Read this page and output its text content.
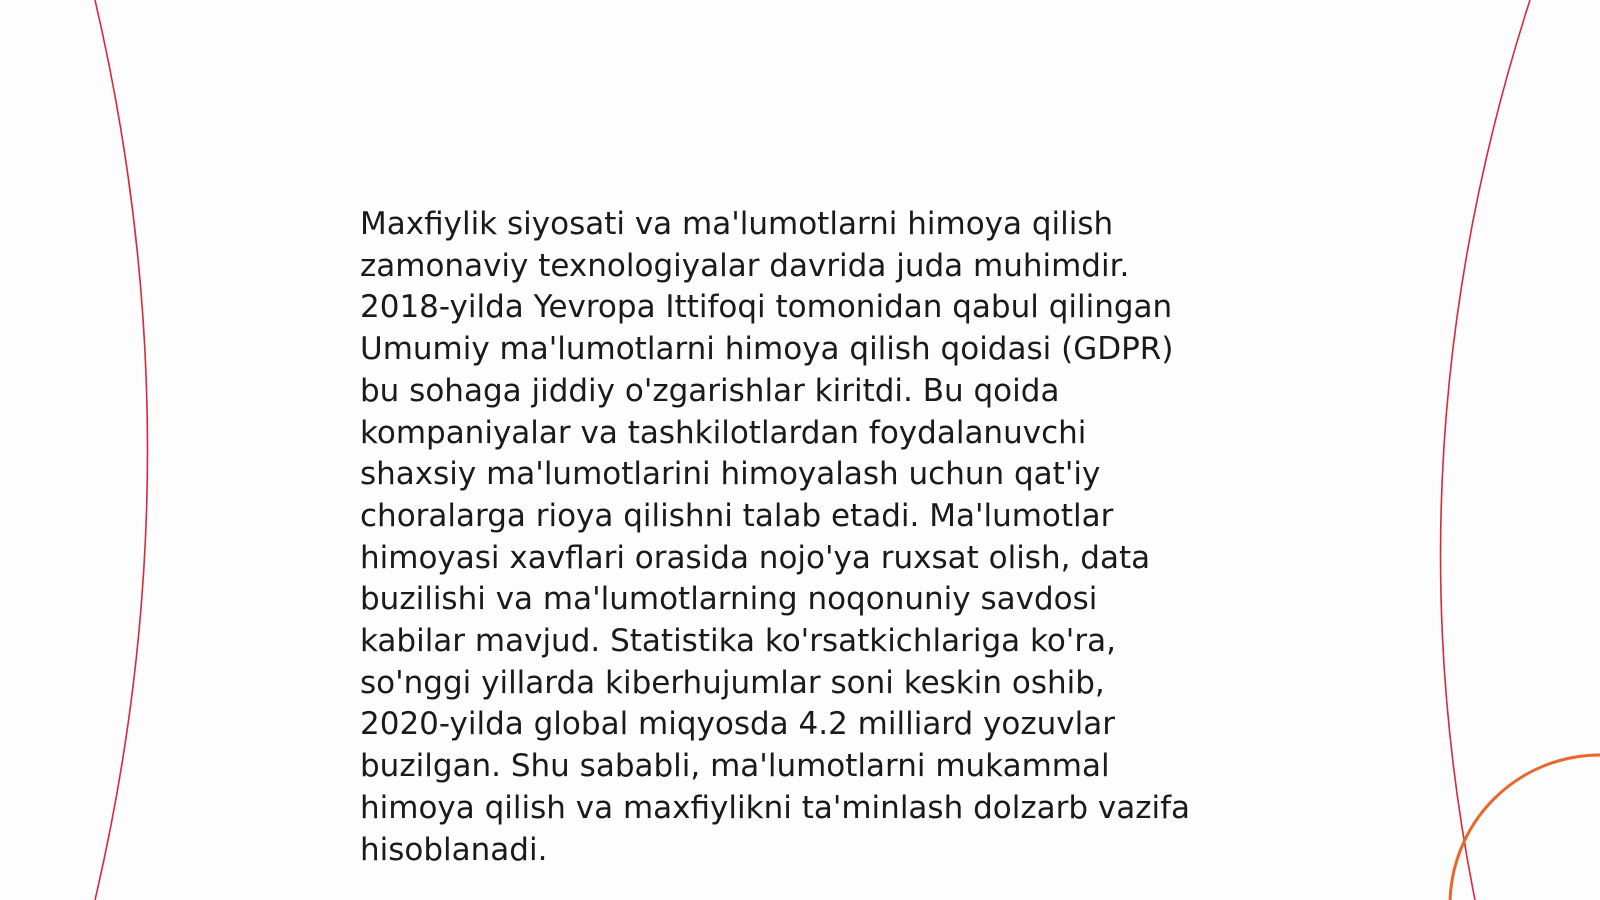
Maxfiylik siyosati va ma'lumotlarni himoya qilish
zamonaviy texnologiyalar davrida juda muhimdir.
2018-yilda Yevropa Ittifoqi tomonidan qabul qilingan
Umumiy ma'lumotlarni himoya qilish qoidasi (GDPR)
bu sohaga jiddiy o'zgarishlar kiritdi. Bu qoida
kompaniyalar va tashkilotlardan foydalanuvchi
shaxsiy ma'lumotlarini himoyalash uchun qat'iy
choralarga rioya qilishni talab etadi. Ma'lumotlar
himoyasi xavflari orasida nojo'ya ruxsat olish, data
buzilishi va ma'lumotlarning noqonuniy savdosi
kabilar mavjud. Statistika ko'rsatkichlariga ko'ra,
so'nggi yillarda kiberhujumlar soni keskin oshib,
2020-yilda global miqyosda 4.2 milliard yozuvlar
buzilgan. Shu sababli, ma'lumotlarni mukammal
himoya qilish va maxfiylikni ta'minlash dolzarb vazifa
hisoblanadi.
